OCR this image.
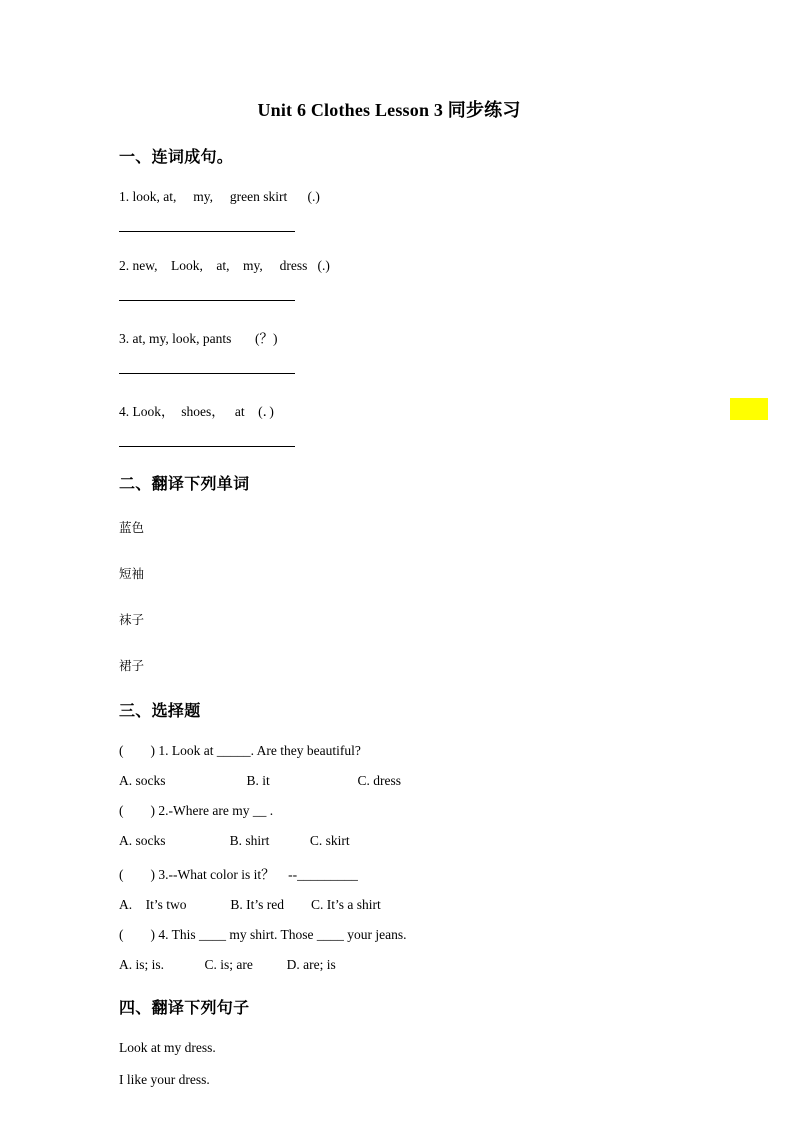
Unit 6 Clothes Lesson 3 同步练习
一、连词成句。
1. look, at,     my,     green skirt      (.)
2. new,    Look,    at,    my,     dress   (.)
3. at, my, look, pants       (？)
4. Look，  shoes，   at    (．)
二、翻译下列单词
蓝色
短袖
袜子
裙子
三、选择题
(        ) 1. Look at _____. Are they beautiful?
A. socks                        B. it                          C. dress
(        ) 2.-Where are my __ .
A. socks                   B. shirt            C. skirt
(        ) 3.--What color is it？    --_________
A.    It’s two             B. It’s red        C. It’s a shirt
(        ) 4. This ____ my shirt. Those ____ your jeans.
A. is; is.            C. is; are          D. are; is
四、翻译下列句子
Look at my dress.
I like your dress.
